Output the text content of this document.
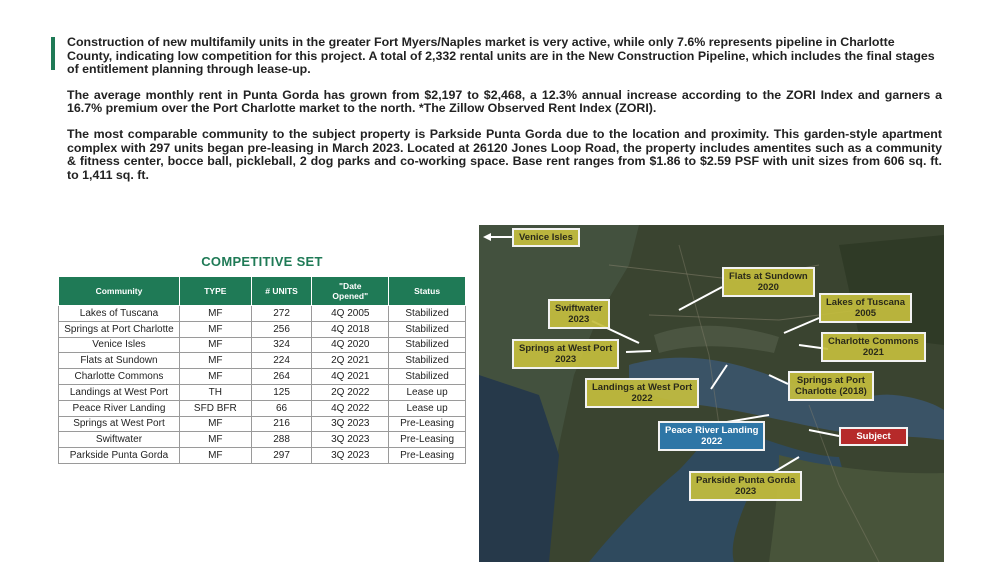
Construction of new multifamily units in the greater Fort Myers/Naples market is very active, while only 7.6% represents pipeline in Charlotte County, indicating low competition for this project. A total of 2,332 rental units are in the New Construction Pipeline, which includes the final stages of entitlement planning through lease-up.

The average monthly rent in Punta Gorda has grown from $2,197 to $2,468, a 12.3% annual increase according to the ZORI Index and garners a 16.7% premium over the Port Charlotte market to the north. *The Zillow Observed Rent Index (ZORI).

The most comparable community to the subject property is Parkside Punta Gorda due to the location and proximity. This garden-style apartment complex with 297 units began pre-leasing in March 2023. Located at 26120 Jones Loop Road, the property includes amentites such as a community & fitness center, bocce ball, pickleball, 2 dog parks and co-working space. Base rent ranges from $1.86 to $2.59 PSF with unit sizes from 606 sq. ft. to 1,411 sq. ft.

COMPETITIVE SET
Community	TYPE	# UNITS	"Date Opened"	Status
Lakes of Tuscana	MF	272	4Q 2005	Stabilized
Springs at Port Charlotte	MF	256	4Q 2018	Stabilized
Venice Isles	MF	324	4Q 2020	Stabilized
Flats at Sundown	MF	224	2Q 2021	Stabilized
Charlotte Commons	MF	264	4Q 2021	Stabilized
Landings at West Port	TH	125	2Q 2022	Lease up
Peace River Landing	SFD BFR	66	4Q 2022	Lease up
Springs at West Port	MF	216	3Q 2023	Pre-Leasing
Swiftwater	MF	288	3Q 2023	Pre-Leasing
Parkside Punta Gorda	MF	297	3Q 2023	Pre-Leasing
Venice Isles
Flats at Sundown
2020
Swiftwater
2023
Lakes of Tuscana
2005
Springs at West Port
2023
Charlotte Commons
2021
Springs at Port
Charlotte (2018)
Landings at West Port
2022
Peace River Landing
2022	Subject
Parkside Punta Gorda
2023
